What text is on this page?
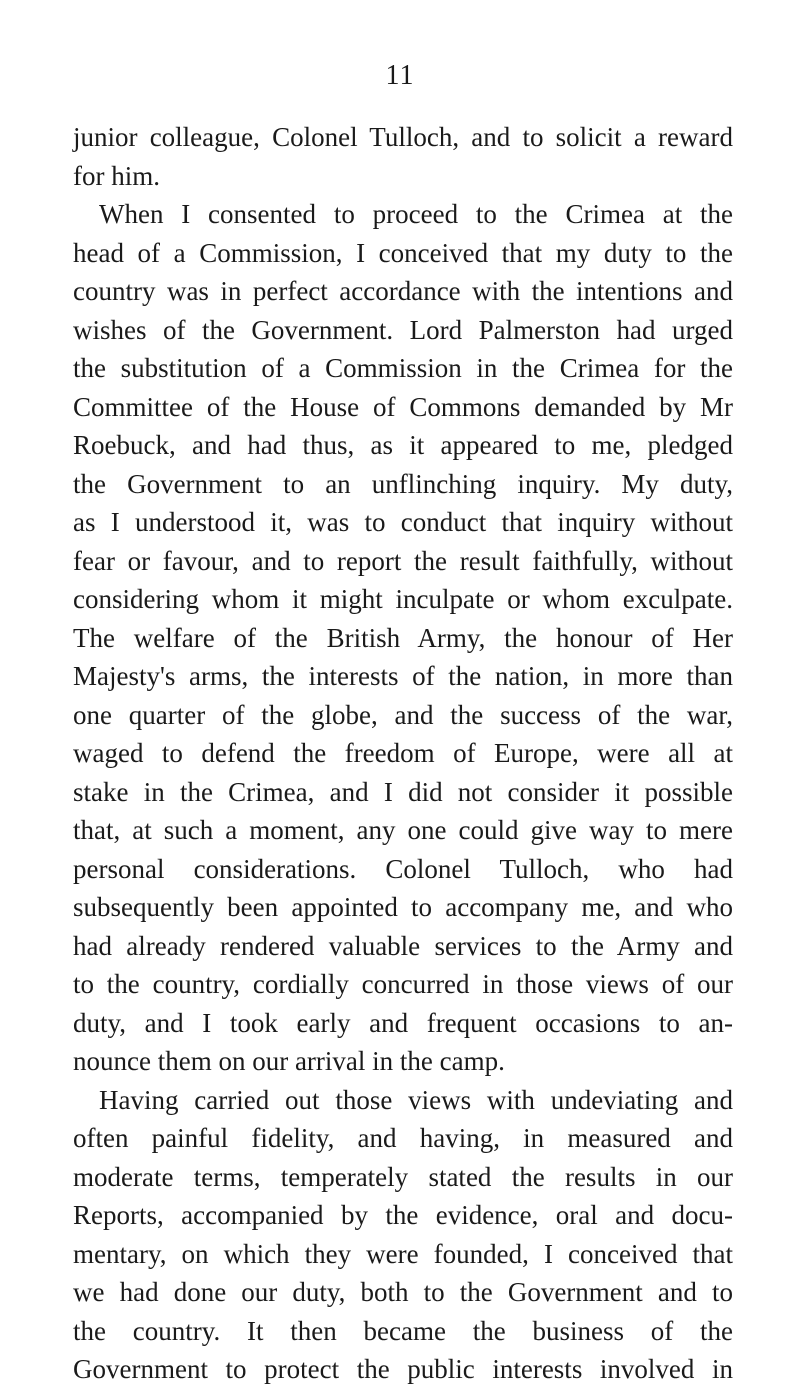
11
junior colleague, Colonel Tulloch, and to solicit a reward
for him.
When I consented to proceed to the Crimea at the
head of a Commission, I conceived that my duty to the
country was in perfect accordance with the intentions and
wishes of the Government. Lord Palmerston had urged
the substitution of a Commission in the Crimea for the
Committee of the House of Commons demanded by Mr
Roebuck, and had thus, as it appeared to me, pledged
the Government to an unflinching inquiry. My duty,
as I understood it, was to conduct that inquiry without
fear or favour, and to report the result faithfully, without
considering whom it might inculpate or whom exculpate.
The welfare of the British Army, the honour of Her
Majesty's arms, the interests of the nation, in more than
one quarter of the globe, and the success of the war,
waged to defend the freedom of Europe, were all at
stake in the Crimea, and I did not consider it possible
that, at such a moment, any one could give way to mere
personal considerations. Colonel Tulloch, who had
subsequently been appointed to accompany me, and who
had already rendered valuable services to the Army and
to the country, cordially concurred in those views of our
duty, and I took early and frequent occasions to an-
nounce them on our arrival in the camp.
Having carried out those views with undeviating and
often painful fidelity, and having, in measured and
moderate terms, temperately stated the results in our
Reports, accompanied by the evidence, oral and docu-
mentary, on which they were founded, I conceived that
we had done our duty, both to the Government and to
the country. It then became the business of the
Government to protect the public interests involved in
